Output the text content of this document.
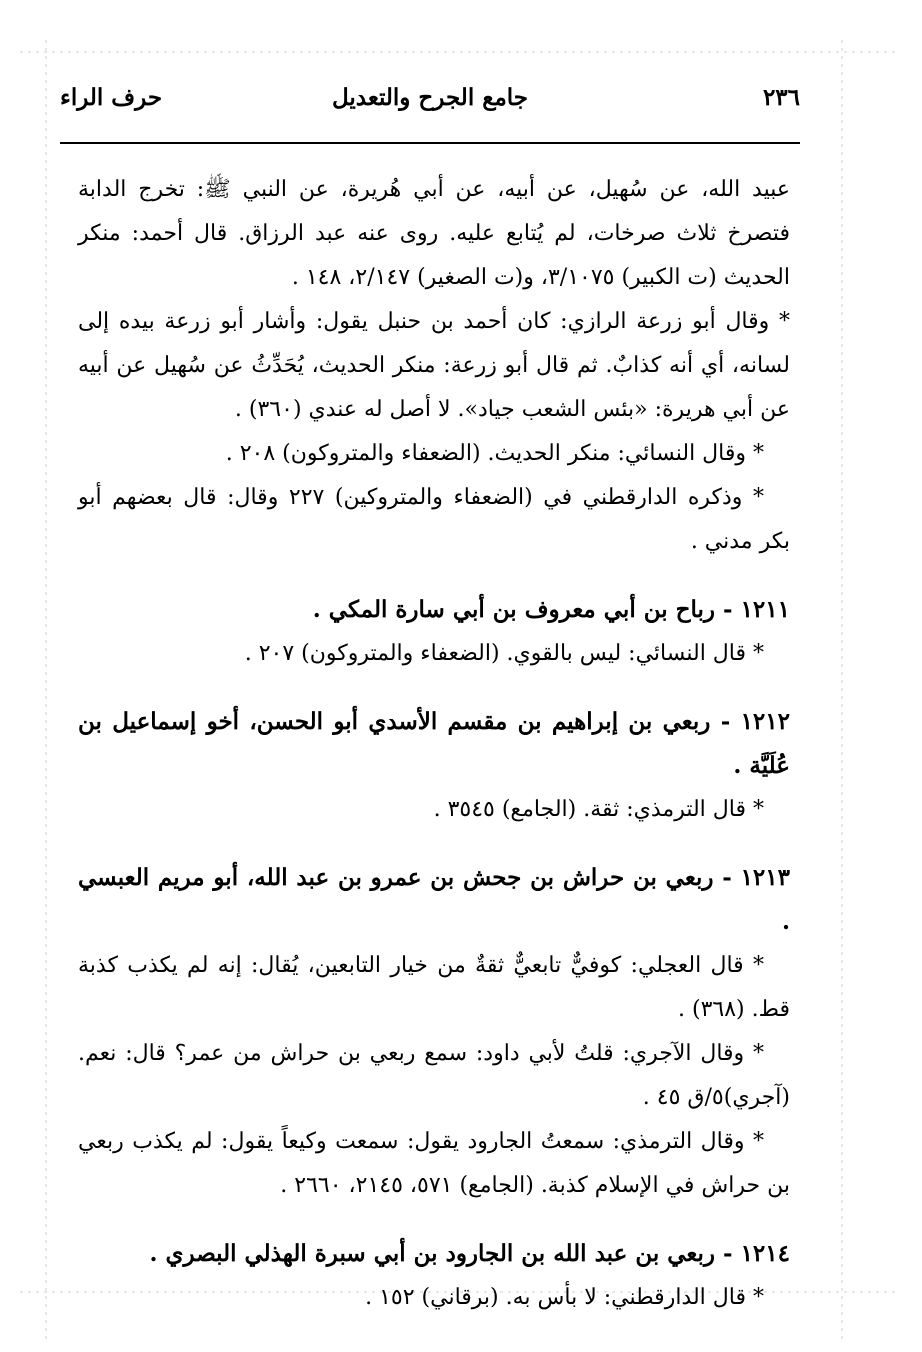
٢٣٦
جامع الجرح والتعديل
حرف الراء

عبيد الله، عن سُهيل، عن أبيه، عن أبي هُريرة، عن النبي ﷺ: تخرج الدابة فتصرخ ثلاث صرخات، لم يُتابع عليه. روى عنه عبد الرزاق. قال أحمد: منكر الحديث (ت الكبير) ٣/١٠٧٥، و(ت الصغير) ٢/١٤٧، ١٤٨ .

* وقال أبو زرعة الرازي: كان أحمد بن حنبل يقول: وأشار أبو زرعة بيده إلى لسانه، أي أنه كذابٌ. ثم قال أبو زرعة: منكر الحديث، يُحَدِّثُ عن سُهيل عن أبيه عن أبي هريرة: «بئس الشعب جياد». لا أصل له عندي (٣٦٠) .

* وقال النسائي: منكر الحديث. (الضعفاء والمتروكون) ٢٠٨ .

* وذكره الدارقطني في (الضعفاء والمتروكين) ٢٢٧ وقال: قال بعضهم أبو بكر مدني .

١٢١١ - رباح بن أبي معروف بن أبي سارة المكي .

* قال النسائي: ليس بالقوي. (الضعفاء والمتروكون) ٢٠٧ .

١٢١٢ - ربعي بن إبراهيم بن مقسم الأسدي أبو الحسن، أخو إسماعيل بن عُلَيَّة .

* قال الترمذي: ثقة. (الجامع) ٣٥٤٥ .

١٢١٣ - ربعي بن حراش بن جحش بن عمرو بن عبد الله، أبو مريم العبسي .

* قال العجلي: كوفيٌّ تابعيٌّ ثقةٌ من خيار التابعين، يُقال: إنه لم يكذب كذبة قط. (٣٦٨) .

* وقال الآجري: قلتُ لأبي داود: سمع ربعي بن حراش من عمر؟ قال: نعم.(آجري)٥/ق ٤٥ .

* وقال الترمذي: سمعتُ الجارود يقول: سمعت وكيعاً يقول: لم يكذب ربعي بن حراش في الإسلام كذبة. (الجامع) ٥٧١، ٢١٤٥، ٢٦٦٠ .

١٢١٤ - ربعي بن عبد الله بن الجارود بن أبي سبرة الهذلي البصري .

* قال الدارقطني: لا بأس به. (برقاني) ١٥٢ .
